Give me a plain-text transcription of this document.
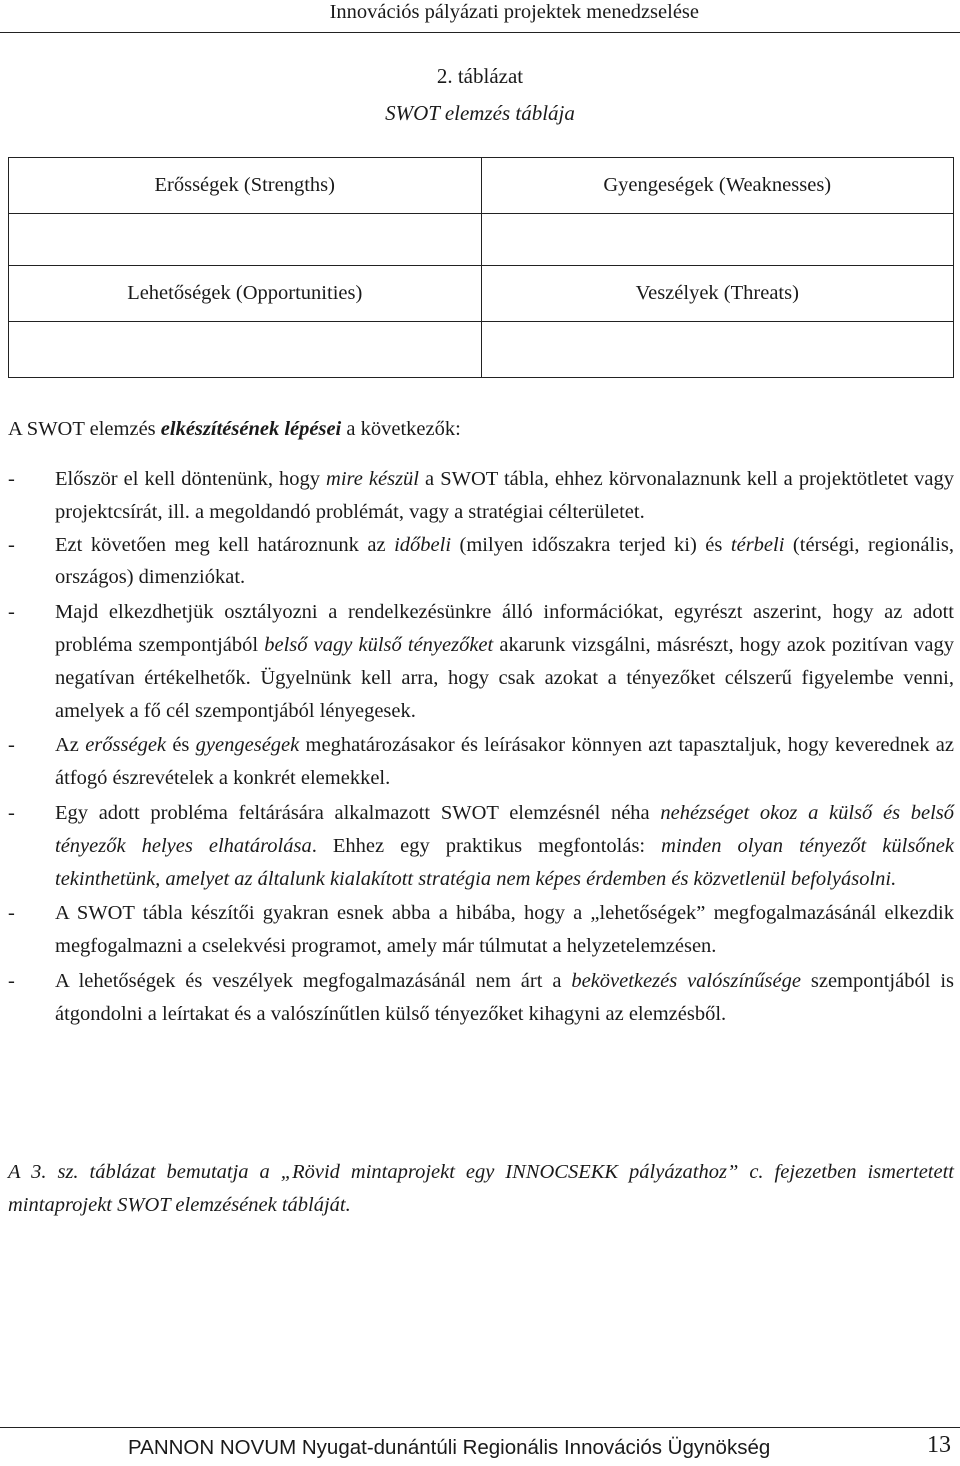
Innovációs pályázati projektek menedzselése
2. táblázat
SWOT elemzés táblája
Erősségek (Strengths)	Gyengeségek (Weaknesses)

Lehetőségek (Opportunities)	Veszélyek (Threats)

A SWOT elemzés elkészítésének lépései a következők:
- Először el kell döntenünk, hogy mire készül a SWOT tábla, ehhez körvonalaznunk kell a projektötletet vagy projektcsírát, ill. a megoldandó problémát, vagy a stratégiai célterületet.
- Ezt követően meg kell határoznunk az időbeli (milyen időszakra terjed ki) és térbeli (térségi, regionális, országos) dimenziókat.
- Majd elkezdhetjük osztályozni a rendelkezésünkre álló információkat, egyrészt aszerint, hogy az adott probléma szempontjából belső vagy külső tényezőket akarunk vizsgálni, másrészt, hogy azok pozitívan vagy negatívan értékelhetők. Ügyelnünk kell arra, hogy csak azokat a tényezőket célszerű figyelembe venni, amelyek a fő cél szempontjából lényegesek.
- Az erősségek és gyengeségek meghatározásakor és leírásakor könnyen azt tapasztaljuk, hogy keverednek az átfogó észrevételek a konkrét elemekkel.
- Egy adott probléma feltárására alkalmazott SWOT elemzésnél néha nehézséget okoz a külső és belső tényezők helyes elhatárolása. Ehhez egy praktikus megfontolás: minden olyan tényezőt külsőnek tekinthetünk, amelyet az általunk kialakított stratégia nem képes érdemben és közvetlenül befolyásolni.
- A SWOT tábla készítői gyakran esnek abba a hibába, hogy a „lehetőségek” megfogalmazásánál elkezdik megfogalmazni a cselekvési programot, amely már túlmutat a helyzetelemzésen.
- A lehetőségek és veszélyek megfogalmazásánál nem árt a bekövetkezés valószínűsége szempontjából is átgondolni a leírtakat és a valószínűtlen külső tényezőket kihagyni az elemzésből.
A 3. sz. táblázat bemutatja a „Rövid mintaprojekt egy INNOCSEKK pályázathoz” c. fejezetben ismertetett mintaprojekt SWOT elemzésének tábláját.
PANNON NOVUM Nyugat-dunántúli Regionális Innovációs Ügynökség	13
